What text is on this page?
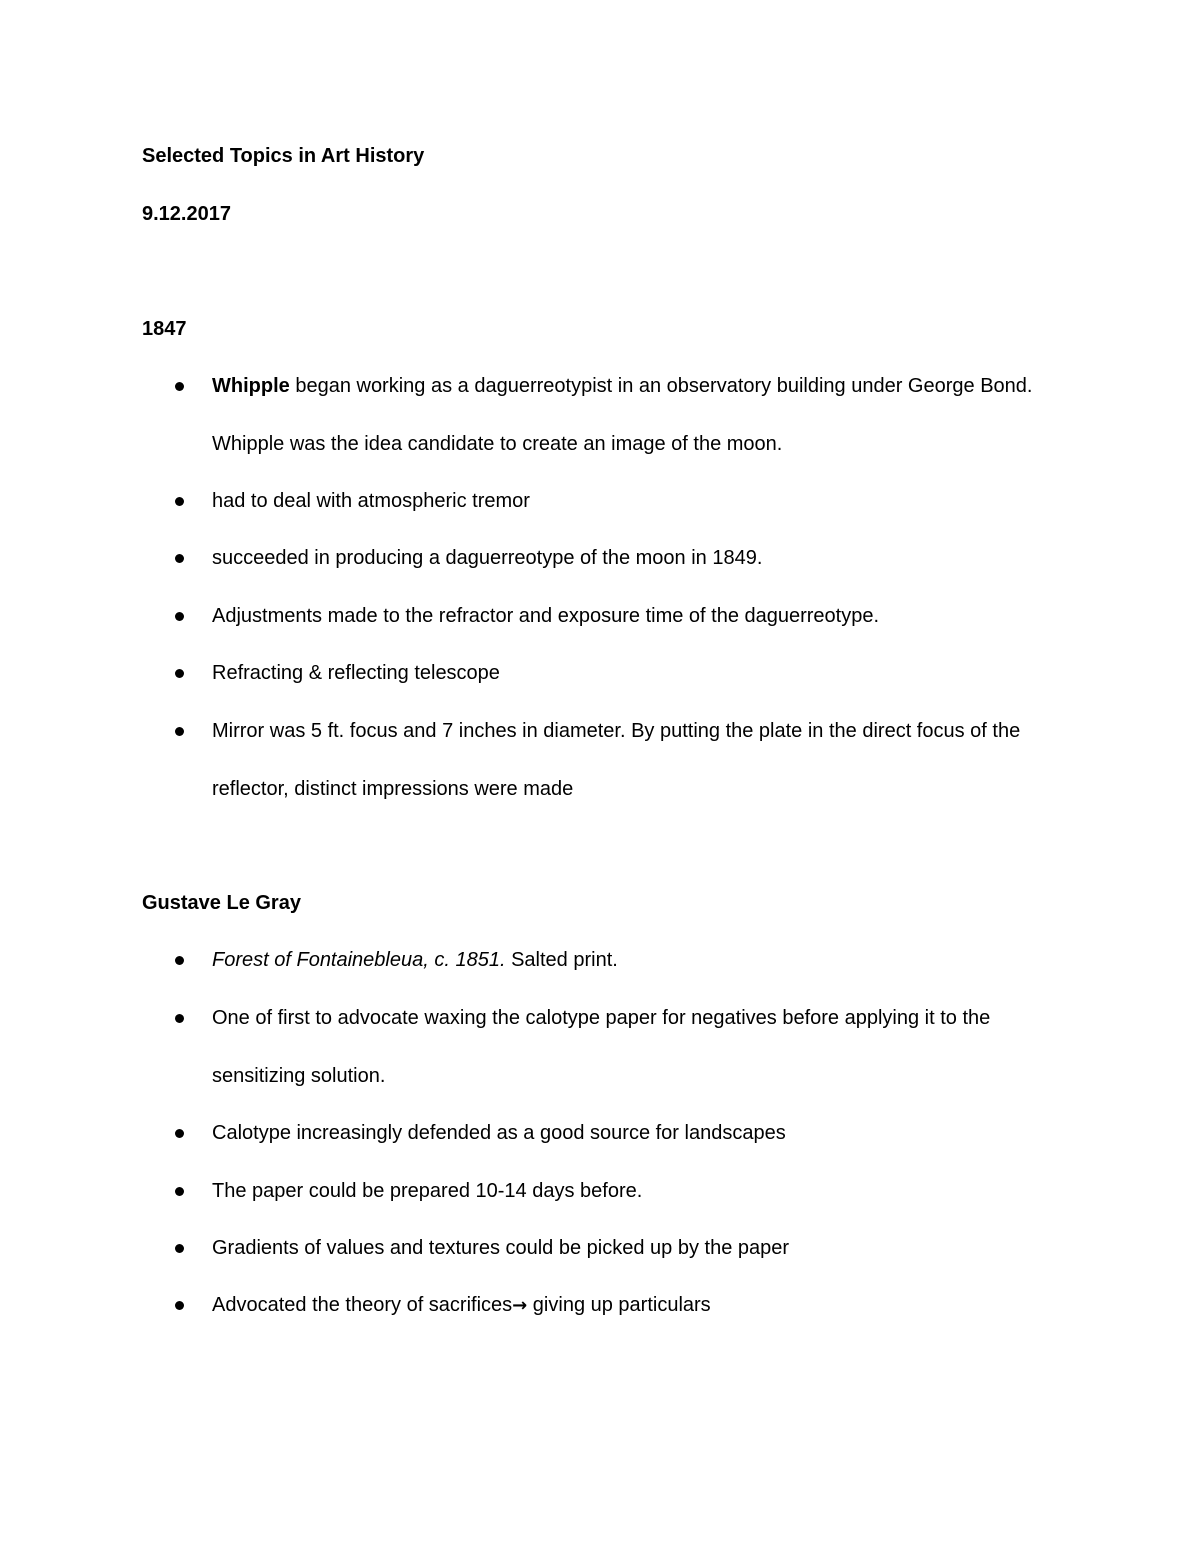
Selected Topics in Art History
9.12.2017
1847
Whipple began working as a daguerreotypist in an observatory building under George Bond. Whipple was the idea candidate to create an image of the moon.
had to deal with atmospheric tremor
succeeded in producing a daguerreotype of the moon in 1849.
Adjustments made to the refractor and exposure time of the daguerreotype.
Refracting & reflecting telescope
Mirror was 5 ft. focus and 7 inches in diameter. By putting the plate in the direct focus of the reflector, distinct impressions were made
Gustave Le Gray
Forest of Fontainebleua, c. 1851. Salted print.
One of first to advocate waxing the calotype paper for negatives before applying it to the sensitizing solution.
Calotype increasingly defended as a good source for landscapes
The paper could be prepared 10-14 days before.
Gradients of values and textures could be picked up by the paper
Advocated the theory of sacrifices→ giving up particulars
